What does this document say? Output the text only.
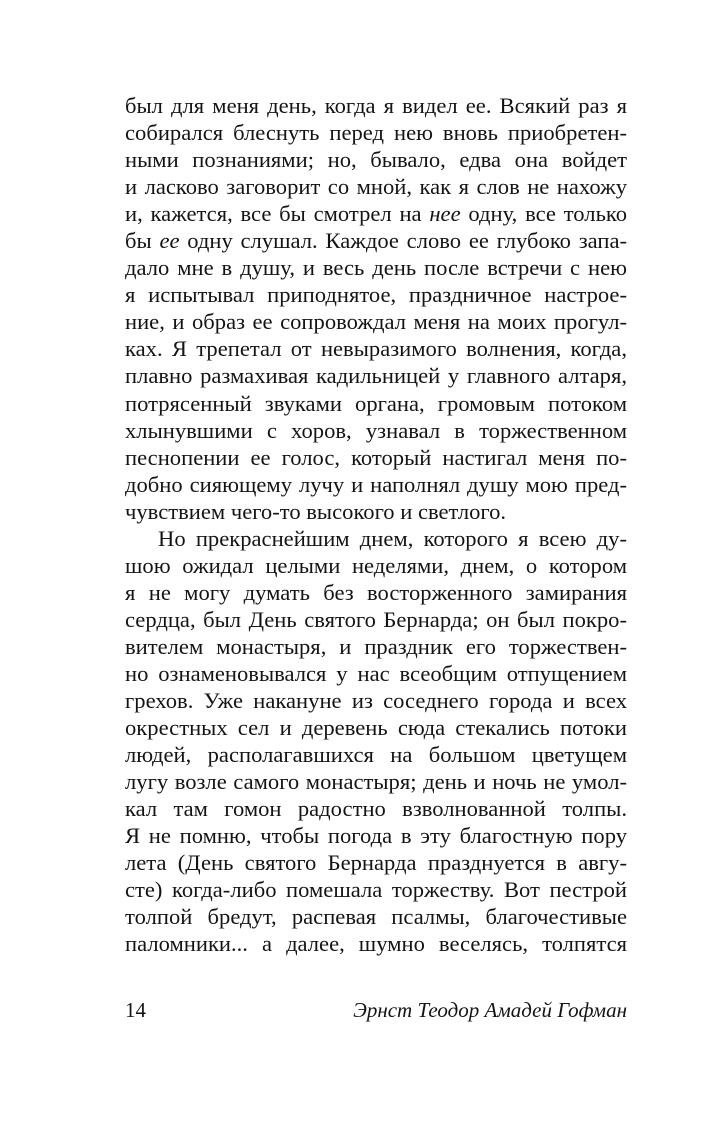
был для меня день, когда я видел ее. Всякий раз я
собирался блеснуть перед нею вновь приобретен-
ными познаниями; но, бывало, едва она войдет
и ласково заговорит со мной, как я слов не нахожу
и, кажется, все бы смотрел на нее одну, все только
бы ее одну слушал. Каждое слово ее глубоко запа-
дало мне в душу, и весь день после встречи с нею
я испытывал приподнятое, праздничное настрое-
ние, и образ ее сопровождал меня на моих прогул-
ках. Я трепетал от невыразимого волнения, когда,
плавно размахивая кадильницей у главного алтаря,
потрясенный звуками органа, громовым потоком
хлынувшими с хоров, узнавал в торжественном
песнопении ее голос, который настигал меня по-
добно сияющему лучу и наполнял душу мою пред-
чувствием чего-то высокого и светлого.
Но прекраснейшим днем, которого я всею ду-
шою ожидал целыми неделями, днем, о котором
я не могу думать без восторженного замирания
сердца, был День святого Бернарда; он был покро-
вителем монастыря, и праздник его торжествен-
но ознаменовывался у нас всеобщим отпущением
грехов. Уже накануне из соседнего города и всех
окрестных сел и деревень сюда стекались потоки
людей, располагавшихся на большом цветущем
лугу возле самого монастыря; день и ночь не умол-
кал там гомон радостно взволнованной толпы.
Я не помню, чтобы погода в эту благостную пору
лета (День святого Бернарда празднуется в авгу-
сте) когда-либо помешала торжеству. Вот пестрой
толпой бредут, распевая псалмы, благочестивые
паломники... а далее, шумно веселясь, толпятся
14	Эрнст Теодор Амадей Гофман
